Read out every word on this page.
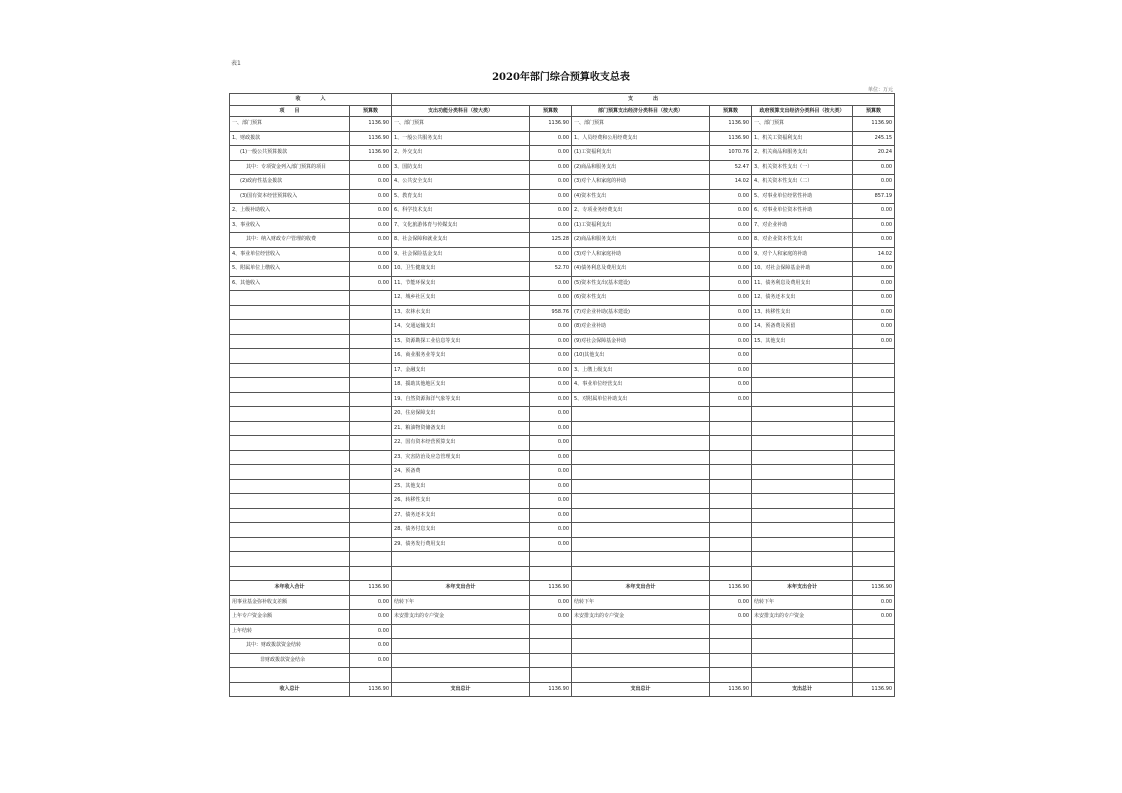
表1
2020年部门综合预算收支总表
单位：万元
收　　　　入		支　　　　出					
项　　目	预算数	支出功能分类科目（按大类）	预算数	部门预算支出经济分类科目（按大类）	预算数	政府预算支出经济分类科目（按大类）	预算数
一、部门预算	1136.90	一、部门预算	1136.90	一、部门预算	1136.90	一、部门预算	1136.90
1、财政拨款	1136.90	1、一般公共服务支出	0.00	1、人员经费和公用经费支出	1136.90	1、机关工资福利支出	245.15
(1)一般公共预算拨款	1136.90	2、外交支出	0.00	(1)工资福利支出	1070.76	2、机关商品和服务支出	20.24
其中：专项资金列入部门预算的项目	0.00	3、国防支出	0.00	(2)商品和服务支出	52.47	3、机关资本性支出（一）	0.00
(2)政府性基金拨款	0.00	4、公共安全支出	0.00	(3)对个人和家庭的补助	14.02	4、机关资本性支出（二）	0.00
(3)国有资本经营预算收入	0.00	5、教育支出	0.00	(4)资本性支出	0.00	5、对事业单位经常性补助	857.19
2、上级补助收入	0.00	6、科学技术支出	0.00	2、专项业务经费支出	0.00	6、对事业单位资本性补助	0.00
3、事业收入	0.00	7、文化旅游体育与传媒支出	0.00	(1)工资福利支出	0.00	7、对企业补助	0.00
其中：纳入财政专户管理的收费	0.00	8、社会保障和就业支出	125.28	(2)商品和服务支出	0.00	8、对企业资本性支出	0.00
4、事业单位经营收入	0.00	9、社会保险基金支出	0.00	(3)对个人和家庭补助	0.00	9、对个人和家庭的补助	14.02
5、附属单位上缴收入	0.00	10、卫生健康支出	52.70	(4)债务利息及费用支出	0.00	10、对社会保障基金补助	0.00
6、其他收入	0.00	11、节能环保支出	0.00	(5)资本性支出(基本建设)	0.00	11、债务利息及费用支出	0.00
		12、城乡社区支出	0.00	(6)资本性支出	0.00	12、债务还本支出	0.00
		13、农林水支出	958.76	(7)对企业补助(基本建设)	0.00	13、转移性支出	0.00
		14、交通运输支出	0.00	(8)对企业补助	0.00	14、预备费及预留	0.00
		15、资源勘探工业信息等支出	0.00	(9)对社会保障基金补助	0.00	15、其他支出	0.00
		16、商业服务业等支出	0.00	(10)其他支出	0.00		
		17、金融支出	0.00	3、上缴上级支出	0.00		
		18、援助其他地区支出	0.00	4、事业单位经营支出	0.00		
		19、自然资源海洋气象等支出	0.00	5、对附属单位补助支出	0.00		
		20、住房保障支出	0.00				
		21、粮油物资储备支出	0.00				
		22、国有资本经营预算支出	0.00				
		23、灾害防治及应急管理支出	0.00				
		24、预备费	0.00				
		25、其他支出	0.00				
		26、转移性支出	0.00				
		27、债务还本支出	0.00				
		28、债务付息支出	0.00				
		29、债务发行费用支出	0.00				

本年收入合计	1136.90	本年支出合计	1136.90	本年支出合计	1136.90	本年支出合计	1136.90
用事业基金弥补收支差额	0.00	结转下年	0.00	结转下年	0.00	结转下年	0.00
上年专户资金余额	0.00	未安排支出的专户资金	0.00	未安排支出的专户资金	0.00	未安排支出的专户资金	0.00
上年结转	0.00						
其中：财政拨款资金结转	0.00						
非财政拨款资金结余	0.00						

收入总计	1136.90	支出总计	1136.90	支出总计	1136.90	支出总计	1136.90
